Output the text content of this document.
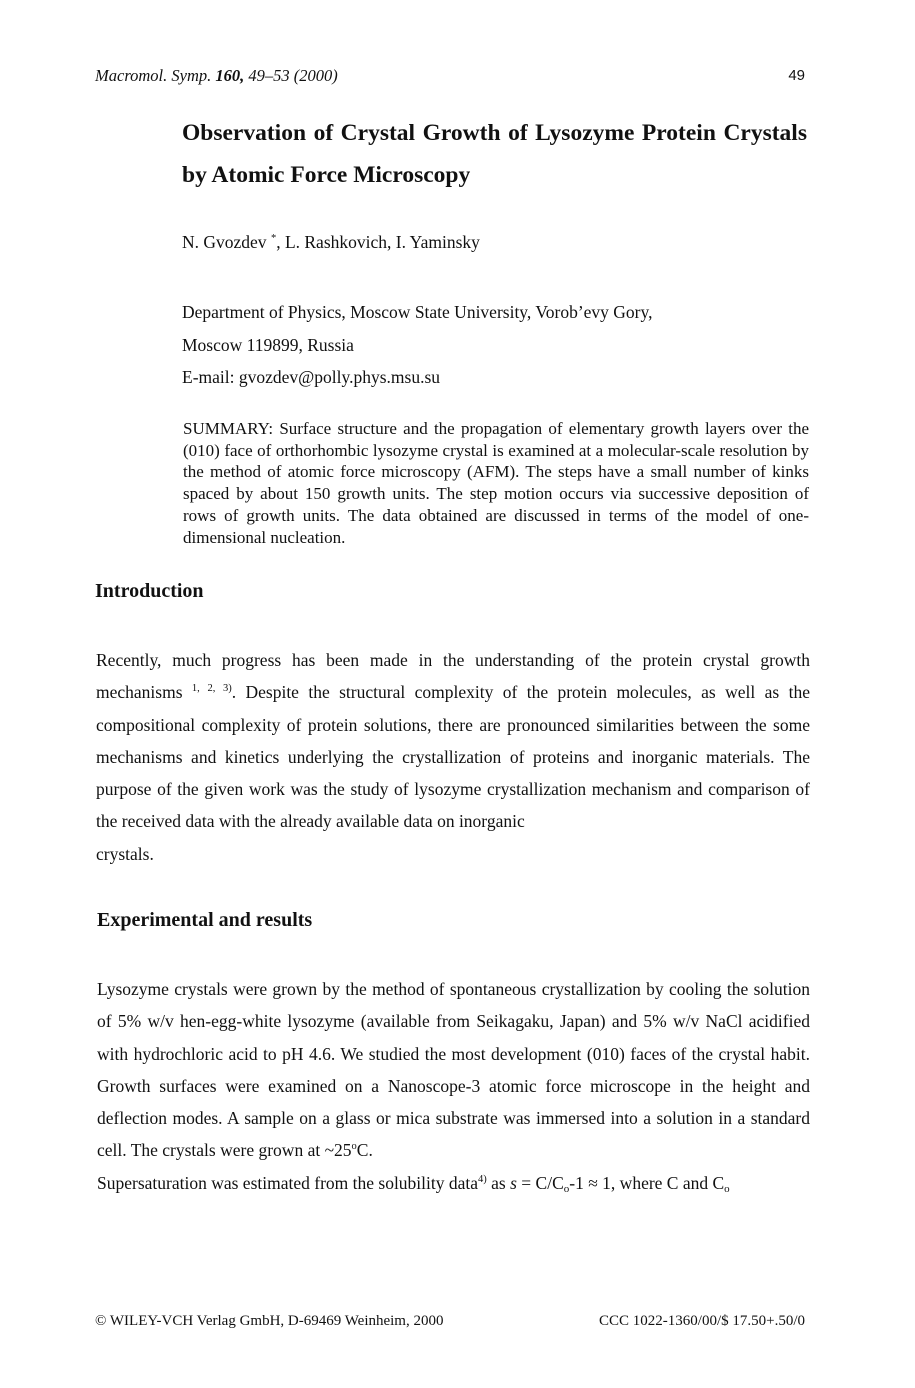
Macromol. Symp. 160, 49–53 (2000)	49
Observation of Crystal Growth of Lysozyme Protein Crystals by Atomic Force Microscopy
N. Gvozdev *, L. Rashkovich, I. Yaminsky
Department of Physics, Moscow State University, Vorob’evy Gory,
Moscow 119899, Russia
E-mail: gvozdev@polly.phys.msu.su
SUMMARY: Surface structure and the propagation of elementary growth layers over the (010) face of orthorhombic lysozyme crystal is examined at a molecular-scale resolution by the method of atomic force microscopy (AFM). The steps have a small number of kinks spaced by about 150 growth units. The step motion occurs via successive deposition of rows of growth units. The data obtained are discussed in terms of the model of one-dimensional nucleation.
Introduction
Recently, much progress has been made in the understanding of the protein crystal growth mechanisms $^{1, 2, 3)}$. Despite the structural complexity of the protein molecules, as well as the compositional complexity of protein solutions, there are pronounced similarities between the some mechanisms and kinetics underlying the crystallization of proteins and inorganic materials. The purpose of the given work was the study of lysozyme crystallization mechanism and comparison of the received data with the already available data on inorganic
crystals.
Experimental and results
Lysozyme crystals were grown by the method of spontaneous crystallization by cooling the solution of 5% w/v hen-egg-white lysozyme (available from Seikagaku, Japan) and 5% w/v NaCl acidified with hydrochloric acid to pH 4.6. We studied the most development (010) faces of the crystal habit. Growth surfaces were examined on a Nanoscope-3 atomic force microscope in the height and deflection modes. A sample on a glass or mica substrate was immersed into a solution in a standard cell. The crystals were grown at ~25$^o$C.
Supersaturation was estimated from the solubility data$^{4)}$ as $s = C/C_o-1 \approx 1$, where C and $C_o$
© WILEY-VCH Verlag GmbH, D-69469 Weinheim, 2000	CCC 1022-1360/00/$ 17.50+.50/0
